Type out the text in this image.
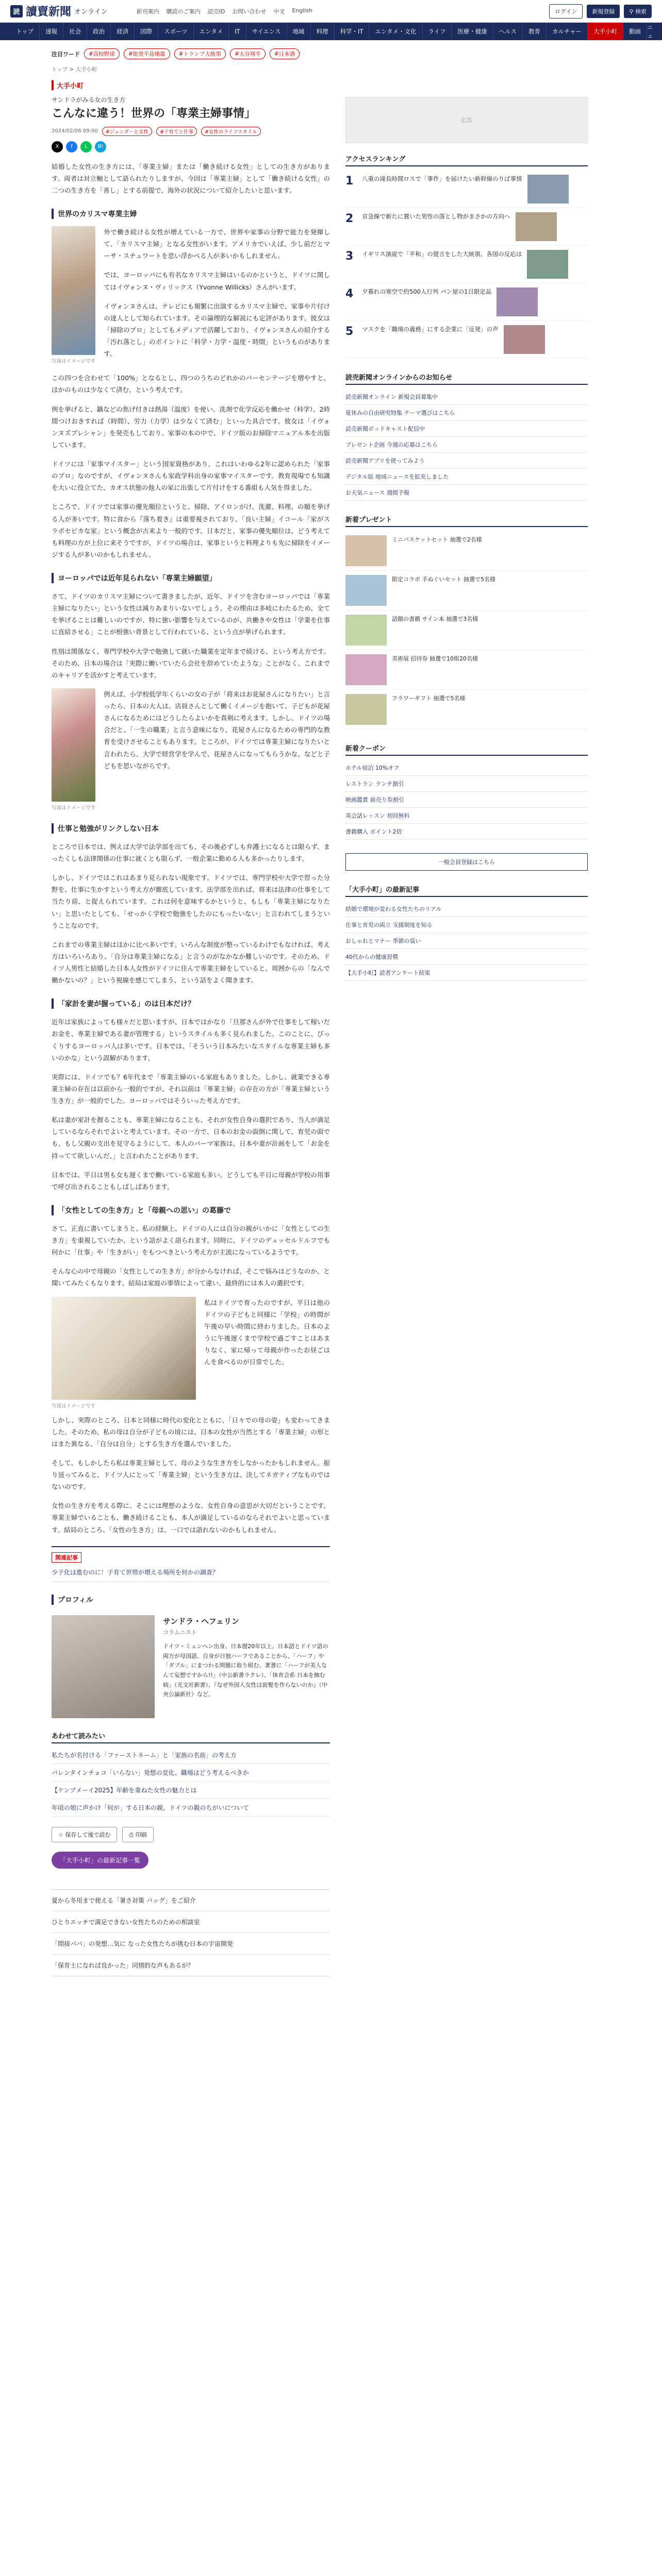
読 讀賣新聞 オンライン	新刊案内 購読のご案内 読売ID お問い合わせ 中文 English	ログイン	新規登録	⚲ 検索
トップ	速報	社会	政治	経済	国際	スポーツ	エンタメ	IT	サイエンス	地域	料理	科学・IT	エンタメ・文化	ライフ	医療・健康	ヘルス	教育	カルチャー	大手小町	動画
メニュー
注目ワード	#高校野球	#能登半島地震	#トランプ大統領	#大谷翔平	#日本酒
トップ > 大手小町
大手小町
サンドラがみる女の生き方
こんなに違う！世界の「専業主婦事情」
2024/02/06 09:00	#ジェンダーと女性	#子育てと仕事	#女性のライフスタイル
X	f	L	B!

結婚した女性の生き方には、「専業主婦」または「働き続ける女性」としての生き方があります。両者は対立軸として語られたりしますが、今回は「専業主婦」として「働き続ける女性」の二つの生き方を「善し」とする前提で、海外の状況について紹介したいと思います。

世界のカリスマ専業主婦
写真はイメージです

外で働き続ける女性が増えている一方で、世界や家事の分野で能力を発揮して、「カリスマ主婦」となる女性がいます。アメリカでいえば、少し前だとマーサ・スチュワートを思い浮かべる人が多いかもしれません。

では、ヨーロッパにも有名なカリスマ主婦はいるのかというと、ドイツに関してはイヴォンヌ・ヴィリックス（Yvonne Willicks）さんがいます。

イヴォンヌさんは、テレビにも頻繁に出演するカリスマ主婦で、家事や片付けの達人として知られています。その論理的な解説にも定評があります。彼女は「掃除のプロ」としてもメディアで活躍しており、イヴォンヌさんの紹介する「汚れ落とし」のポイントに「科学・力学・温度・時間」というものがあります。

この四つを合わせて「100%」となるとし、四つのうちのどれかのパーセンテージを増やすと、ほかのものは少なくて済む、という考えです。

例を挙げると、鍋などの焦げ付きは熱湯（温度）を使い、洗剤で化学反応を働かせ（科学）、2時間つけおきすれば（時間）、労力（力学）は少なくて済む」といった具合です。彼女は「イヴォンヌズプレシャン」を発売もしており、家事の本の中で、ドイツ版のお掃除マニュアル本を出版しています。

ドイツには「家事マイスター」という国家資格があり、これはいわゆる2年に認められた「家事のプロ」なのですが、イヴォンヌさんも家政学科出身の家事マイスターです。教育現場でも知識を大いに役立てた、カオス状態の他人の家に出張して片付けをする番組も人気を得ました。

ところで、ドイツでは家事の優先順位というと、掃除、アイロンがけ、洗濯、料理、の順を挙げる人が多いです。特に食から『落ち着き』は重要視されており、「良い主婦」イコール「家がスラポセピカな家」という概念が古来より一般的です。日本だと、家事の優先順位は、どう考えても料理の方が上位に来そうですが、ドイツの場合は、家事というと料理よりも先に掃除をイメージする人が多いのかもしれません。

ヨーロッパでは近年見られない「専業主婦願望」

さて、ドイツのカリスマ主婦について書きましたが、近年、ドイツを含むヨーロッパでは「専業主婦になりたい」という女性は減りあまりいないでしょう。その理由は多岐にわたるため、全てを挙げることは難しいのですが、特に強い影響を与えているのが、共働きや女性は「学業を仕事に直結させる」ことが根強い背景として行われている、という点が挙げられます。

性別は関係なく、専門学校や大学で勉強して就いた職業を定年まで続ける、という考え方です。そのため、日本の場合は「実際に働いていたら会社を辞めていたような」ことがなく、これまでのキャリアを活かすと考えています。

写真はイメージです

例えば、小学校低学年くらいの女の子が「将来はお花屋さんになりたい」と言ったら、日本の大人は、店員さんとして働くイメージを抱いて、子どもが花屋さんになるためにはどうしたらよいかを真剣に考えます。しかし、ドイツの場合だと、「一生の職業」と言う意味になり、花屋さんになるための専門的な教育を受けさせることもあります。ところが、ドイツでは専業主婦になりたいと言われたら、大学で経営学を学んで、花屋さんになってもらうかな、などと子どもを思いながらです。

仕事と勉強がリンクしない日本

ところで日本では、例えば大学で法学部を出ても、その後必ずしも弁護士になるとは限らず、まったくしも法律関係の仕事に就くとも限らず、一般企業に勤める人も多かったりします。

しかし、ドイツではこれはあまり見られない現象です。ドイツでは、専門学校や大学で習った分野を、仕事に生かすという考え方が徹底しています。法学部を出れば、将来は法律の仕事をして当たり前、と捉えられています。これは何を意味するかというと、もしも「専業主婦になりたい」と思いたとしても、「せっかく学校で勉強をしたのにもったいない」と言われてしまうということなのです。

これまでの専業主婦はほかに比べ多いです。いろんな制度が整っているわけでもなければ、考え方はいろいろあり、「自分は専業主婦になる」と言うのがなかなか難しいのです。そのため、ドイツ人男性と結婚した日本人女性がドイツに住んで専業主婦をしていると、周囲からの「なんで働かないの？」という視線を感じてしまう、という話をよく聞きます。

「家計を妻が握っている」のは日本だけ？

近年は家族によっても様々だと思いますが、日本ではかなり「旦那さんが外で仕事をして稼いだお金を、専業主婦である妻が管理する」というスタイルも多く見られました。このことに、びっくりするヨーロッパ人は多いです。日本では、「そういう日本みたいなスタイルな専業主婦も多いのかな」という誤解があります。

実際には、ドイツでも？6年代まで「専業主婦のいる家庭もありました。しかし、就業できる専業主婦の存在は以前から一般的ですが、それ以前は「専業主婦」の存在の方が「専業主婦という生き方」が一般的でした。ヨーロッパではそういった考え方です。

私は妻が家計を握ることも、専業主婦になることも、それが女性自身の選択であり、当人が満足しているならそれでよいと考えています。その一方で、日本のお金の面倒に関して、育児の面でも、もし父親の支出を見守るようにして、本人のバーマ家族は、日本や妻が計画をして「お金を持ってて欲しいんだ、」と言われたことがあります。

日本では、平日は男も女も遅くまで働いている家庭も多い。どうしても平日に母親が学校の用事で呼び出されることもしばしばあります。

「女性としての生き方」と「母親への思い」の葛藤で

さて、正直に書いてしまうと、私の経験上、ドイツの人には自分の親がいかに「女性としての生き方」を重視していたか、という話がよく語られます。同時に、ドイツのデュッセルドルフでも何かに「仕事」や「生きがい」をもつべきという考え方が主流になっているようです。

そんな心の中で母親の「女性としての生き方」が分からなければ、そこで悩みはどうなのか、と聞いてみたくもなります。結局は家庭の事情によって違い、最終的には本人の選択です。

写真はイメージです

私はドイツで育ったのですが、平日は他のドイツの子どもと同様に「学校」の時間が午後の早い時間に終わりました。日本のように午後遅くまで学校で過ごすことはあまりなく、家に帰って母親が作ったお昼ごはんを食べるのが日常でした。

しかし、実際のところ、日本と同様に時代の変化とともに、「日々での母の姿」も変わってきました。そのため、私の母は自分が子どもの頃には、日本の女性が当然とする「専業主婦」の形とはまた異なる、「自分は自分」とする生き方を選んでいました。

そして、もしかしたら私は専業主婦として、母のような生き方をしなかったかもしれません。振り返ってみると、ドイツ人にとって「専業主婦」という生き方は、決してネガティブなものではないのです。

女性の生き方を考える際に、そこには理想のような、女性自身の意思が大切だということです。専業主婦でいることも、働き続けることも、本人が満足しているのならそれでよいと思っています。結局のところ、「女性の生き方」は、一口では語れないのかもしれません。

関連記事
少子化は進むのに！子育て世帯が増える場所を何かの調査？
プロフィル
サンドラ・ヘフェリン
コラムニスト
ドイツ・ミュンヘン出身。日本歴20年以上。日本語とドイツ語の両方が母国語。自身が日独ハーフであることから、「ハーフ」や「ダブル」にまつわる問題に取り組む。著書に「ハーフが美人なんて妄想ですから!!」（中公新書ラクレ）、「体育会系 日本を蝕む病」（光文社新書）、『なぜ外国人女性は前髪を作らないのか』（中央公論新社）など。
あわせて読みたい
私たちが名付ける「ファーストネーム」と「家族の名前」の考え方
バレンタインチョコ「いらない」発想の変化、職場はどう考えるべきか
【ケンブメーイ2025】年齢を重ねた女性の魅力とは
年頃の娘に声かけ「何が」する日本の親、ドイツの親のちがいについて
☆ 保存して後で読む	⎙ 印刷
「大手小町」の最新記事一覧
夏から冬用まで使える「暑さ対策 バッグ」をご紹介
ひとりエッチで満足できない女性たちのための相談室
「間接パパ」の発想…気に なった女性たちが挑む日本の宇宙開発
「保育士になれば良かった」同情的な声もあるが？
広告
アクセスランキング
1	八重の滝長時間ロスで「事件」を届けたい新幹線のりば事情
2	京急線で新たに置いた男性の落とし物がまさかの方向へ
3	イギリス演説で「平和」の提言をした大統領、各国の反応は
4	夕暮れの寒空で約500人行列 パン屋の1日限定品
5	マスクを「職場の義務」にする企業に「反発」の声
読売新聞オンラインからのお知らせ
読売新聞オンライン 新規会員募集中
夏休みの自由研究特集 テーマ選びはこちら
読売新聞ポッドキャスト配信中
プレゼント企画 今週の応募はこちら
読売新聞アプリを使ってみよう
デジタル版 地域ニュースを拡充しました
お天気ニュース 週間予報
新着プレゼント
ミニバスケットセット 抽選で2名様
限定コラボ 手ぬぐいセット 抽選で5名様
話題の書籍 サイン本 抽選で3名様
美術展 招待券 抽選で10組20名様
フラワーギフト 抽選で5名様
新着クーポン
ホテル宿泊 10%オフ
レストラン ランチ割引
映画鑑賞 前売り券割引
英会話レッスン 初回無料
書籍購入 ポイント2倍
一般会員登録はこちら
「大手小町」の最新記事
結婚で環境が変わる女性たちのリアル
仕事と育児の両立 支援制度を知る
おしゃれとマナー 季節の装い
40代からの健康習慣
【大手小町】読者アンケート結果
